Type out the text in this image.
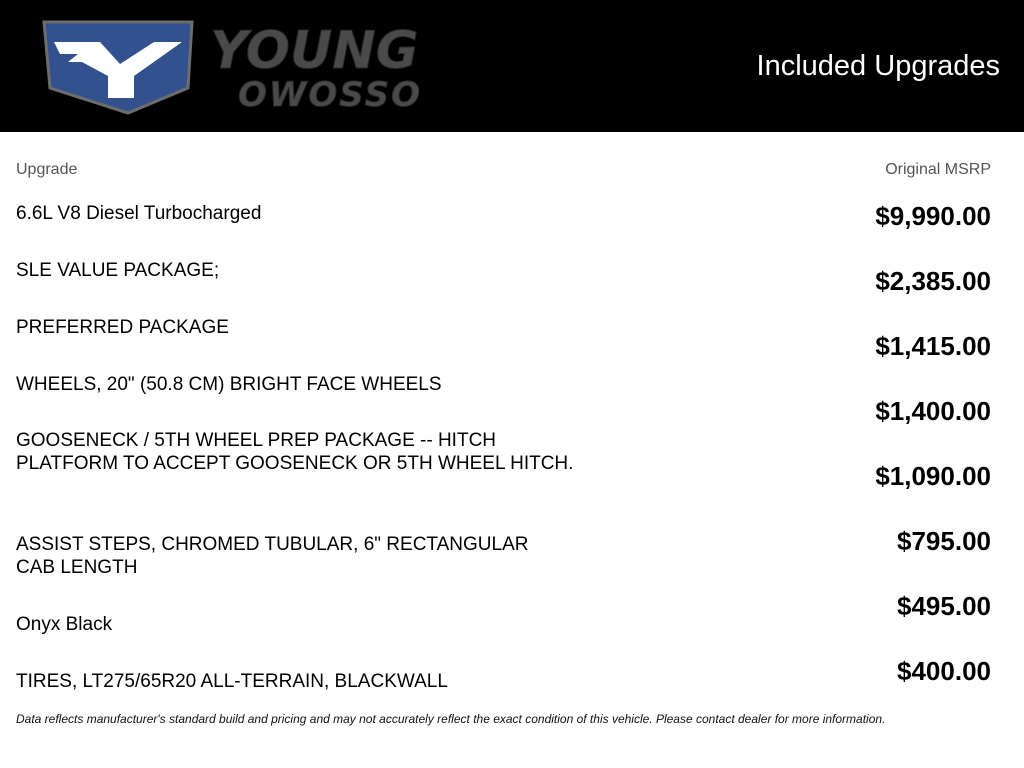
YOUNG
OWOSSO
Included Upgrades
Upgrade	Original MSRP
6.6L V8 Diesel Turbocharged
SLE VALUE PACKAGE;
PREFERRED PACKAGE
WHEELS, 20" (50.8 CM) BRIGHT FACE WHEELS
GOOSENECK / 5TH WHEEL PREP PACKAGE -- HITCH PLATFORM TO ACCEPT GOOSENECK OR 5TH WHEEL HITCH.
ASSIST STEPS, CHROMED TUBULAR, 6" RECTANGULAR CAB LENGTH
Onyx Black
TIRES, LT275/65R20 ALL-TERRAIN, BLACKWALL
$9,990.00
$2,385.00
$1,415.00
$1,400.00
$1,090.00
$795.00
$495.00
$400.00
Data reflects manufacturer's standard build and pricing and may not accurately reflect the exact condition of this vehicle. Please contact dealer for more information.
